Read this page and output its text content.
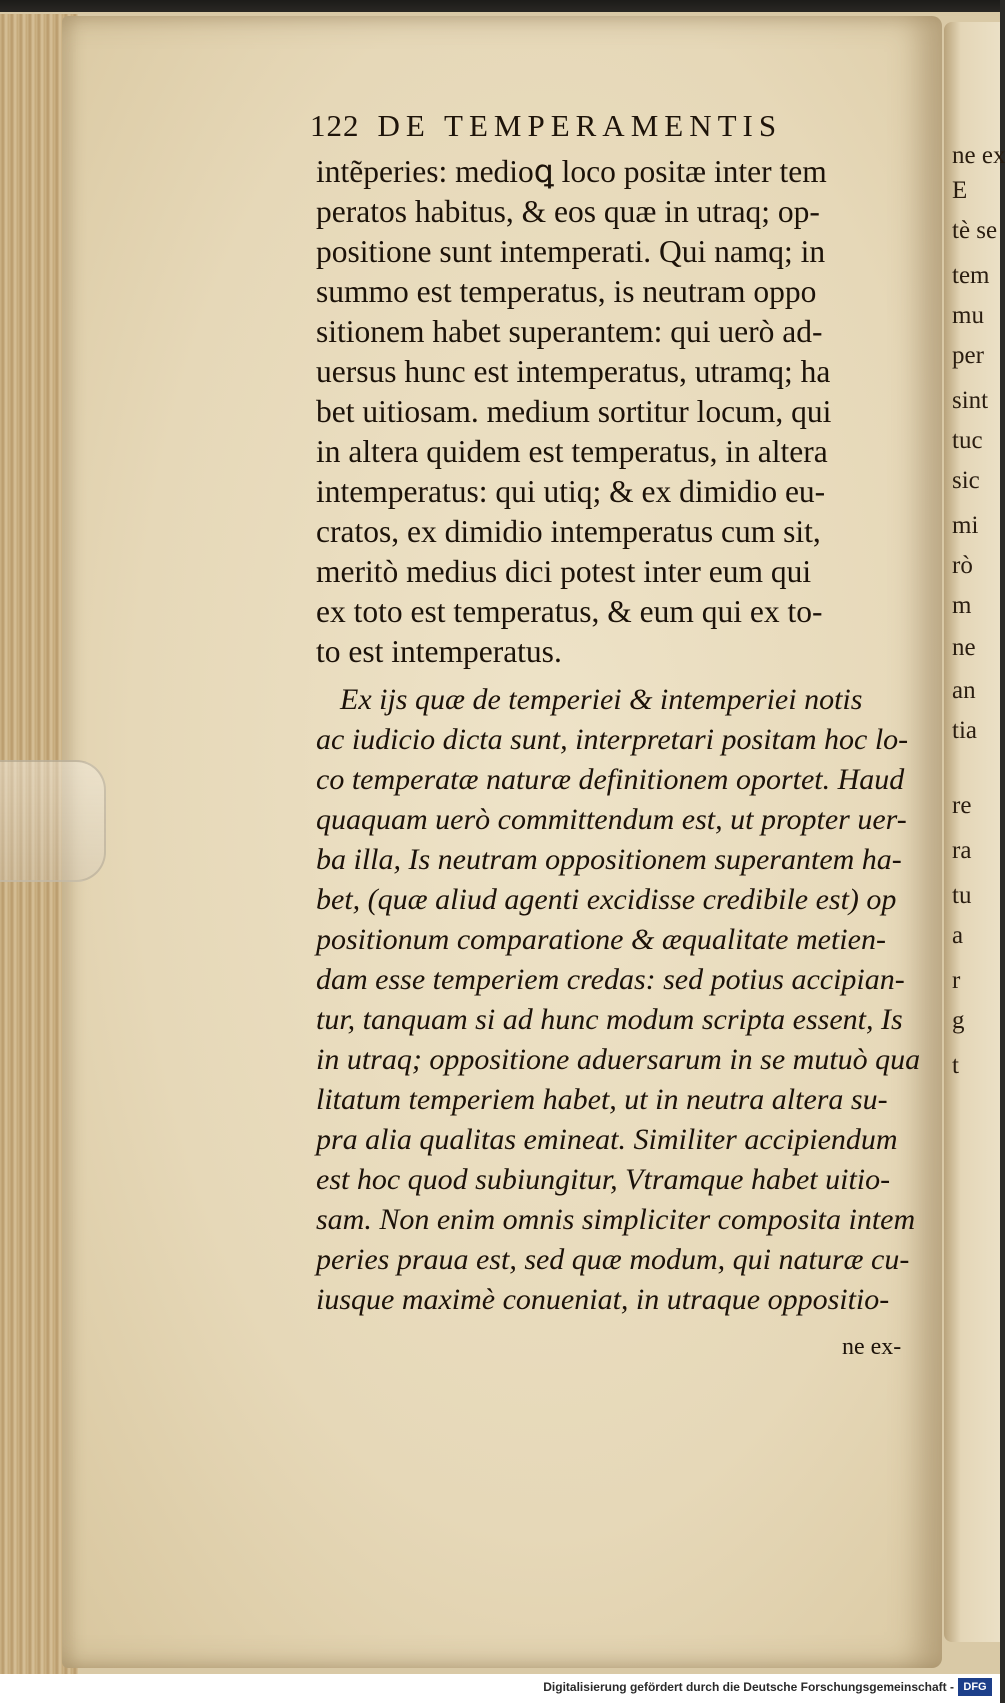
ne ex
E
tè se
tem
mu
per
sint
tuc
sic
mi
rò
m
ne
an
tia
re
ra
tu
a
r
g
t
122 DE TEMPERAMENTIS
intẽperies: medioꝗ loco positæ inter tem
peratos habitus, & eos quæ in utraq; op-
positione sunt intemperati. Qui namq; in
summo est temperatus, is neutram oppo
sitionem habet superantem: qui uerò ad-
uersus hunc est intemperatus, utramq; ha
bet uitiosam. medium sortitur locum, qui
in altera quidem est temperatus, in altera
intemperatus: qui utiq; & ex dimidio eu-
cratos, ex dimidio intemperatus cum sit,
meritò medius dici potest inter eum qui
ex toto est temperatus, & eum qui ex to-
to est intemperatus.
Ex ijs quæ de temperiei & intemperiei notis
ac iudicio dicta sunt, interpretari positam hoc lo-
co temperatæ naturæ definitionem oportet. Haud
quaquam uerò committendum est, ut propter uer-
ba illa, Is neutram oppositionem superantem ha-
bet, (quæ aliud agenti excidisse credibile est) op
positionum comparatione & æqualitate metien-
dam esse temperiem credas: sed potius accipian-
tur, tanquam si ad hunc modum scripta essent, Is
in utraq; oppositione aduersarum in se mutuò qua
litatum temperiem habet, ut in neutra altera su-
pra alia qualitas emineat. Similiter accipiendum
est hoc quod subiungitur, Vtramque habet uitio-
sam. Non enim omnis simpliciter composita intem
peries praua est, sed quæ modum, qui naturæ cu-
iusque maximè conueniat, in utraque oppositio-
ne ex-
Digitalisierung gefördert durch die Deutsche Forschungsgemeinschaft - DFG
